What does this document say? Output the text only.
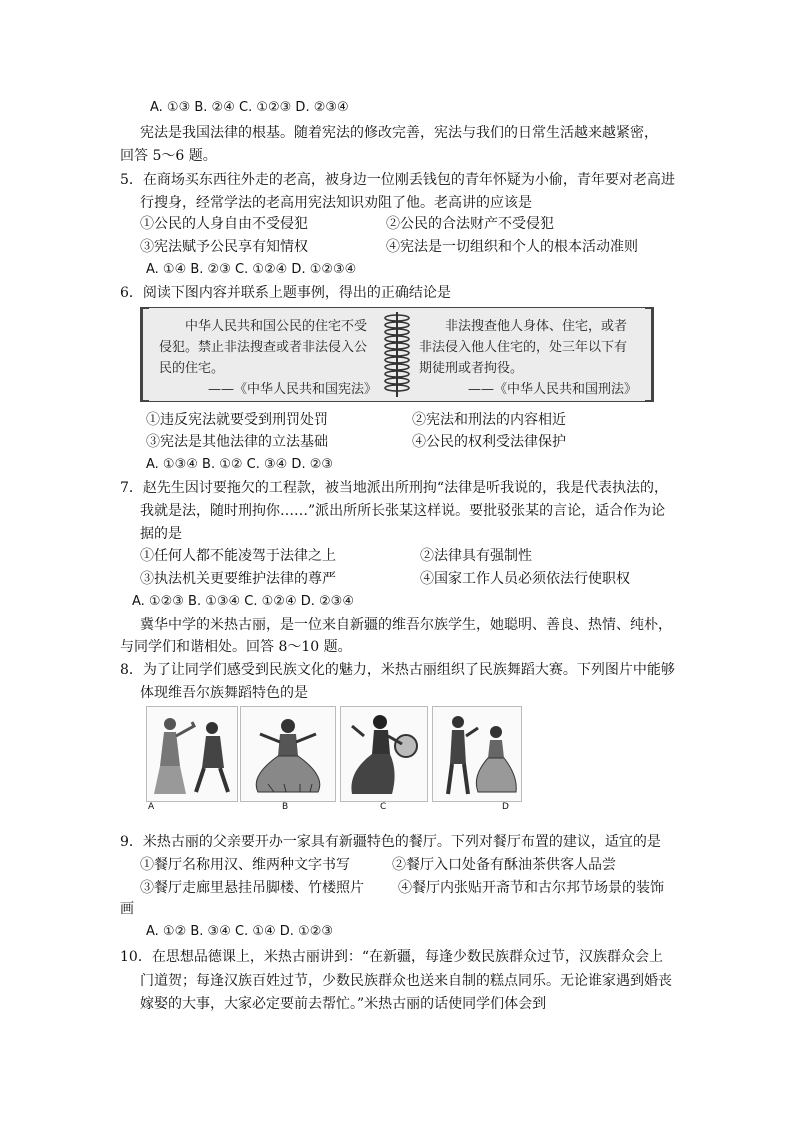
A. ①③ B. ②④ C. ①②③ D. ②③④
宪法是我国法律的根基。随着宪法的修改完善，宪法与我们的日常生活越来越紧密，
回答 5～6 题。
5．在商场买东西往外走的老高，被身边一位刚丢钱包的青年怀疑为小偷，青年要对老高进
行搜身，经常学法的老高用宪法知识劝阻了他。老高讲的应该是
①公民的人身自由不受侵犯	②公民的合法财产不受侵犯
③宪法赋予公民享有知情权	④宪法是一切组织和个人的根本活动准则
A. ①④ B. ②③ C. ①②④ D. ①②③④
6．阅读下图内容并联系上题事例，得出的正确结论是
中华人民共和国公民的住宅不受侵犯。禁止非法搜查或者非法侵入公民的住宅。
——《中华人民共和国宪法》
非法搜查他人身体、住宅，或者非法侵入他人住宅的，处三年以下有期徒刑或者拘役。
——《中华人民共和国刑法》
①违反宪法就要受到刑罚处罚	②宪法和刑法的内容相近
③宪法是其他法律的立法基础	④公民的权利受法律保护
A. ①③④ B. ①② C. ③④ D. ②③
7．赵先生因讨要拖欠的工程款，被当地派出所刑拘“法律是听我说的，我是代表执法的，
我就是法，随时刑拘你……”派出所所长张某这样说。要批驳张某的言论，适合作为论
据的是
①任何人都不能凌驾于法律之上	②法律具有强制性
③执法机关更要维护法律的尊严	④国家工作人员必须依法行使职权
A. ①②③ B. ①③④ C. ①②④ D. ②③④
冀华中学的米热古丽，是一位来自新疆的维吾尔族学生，她聪明、善良、热情、纯朴，
与同学们和谐相处。回答 8～10 题。
8．为了让同学们感受到民族文化的魅力，米热古丽组织了民族舞蹈大赛。下列图片中能够
体现维吾尔族舞蹈特色的是
A	B	C	D
9．米热古丽的父亲要开办一家具有新疆特色的餐厅。下列对餐厅布置的建议，适宜的是
①餐厅名称用汉、维两种文字书写	②餐厅入口处备有酥油茶供客人品尝
③餐厅走廊里悬挂吊脚楼、竹楼照片 ④餐厅内张贴开斋节和古尔邦节场景的装饰
画
A. ①② B. ③④ C. ①④ D. ①②③
10．在思想品德课上，米热古丽讲到：“在新疆，每逢少数民族群众过节，汉族群众会上
门道贺；每逢汉族百姓过节，少数民族群众也送来自制的糕点同乐。无论谁家遇到婚丧
嫁娶的大事，大家必定要前去帮忙。”米热古丽的话使同学们体会到
